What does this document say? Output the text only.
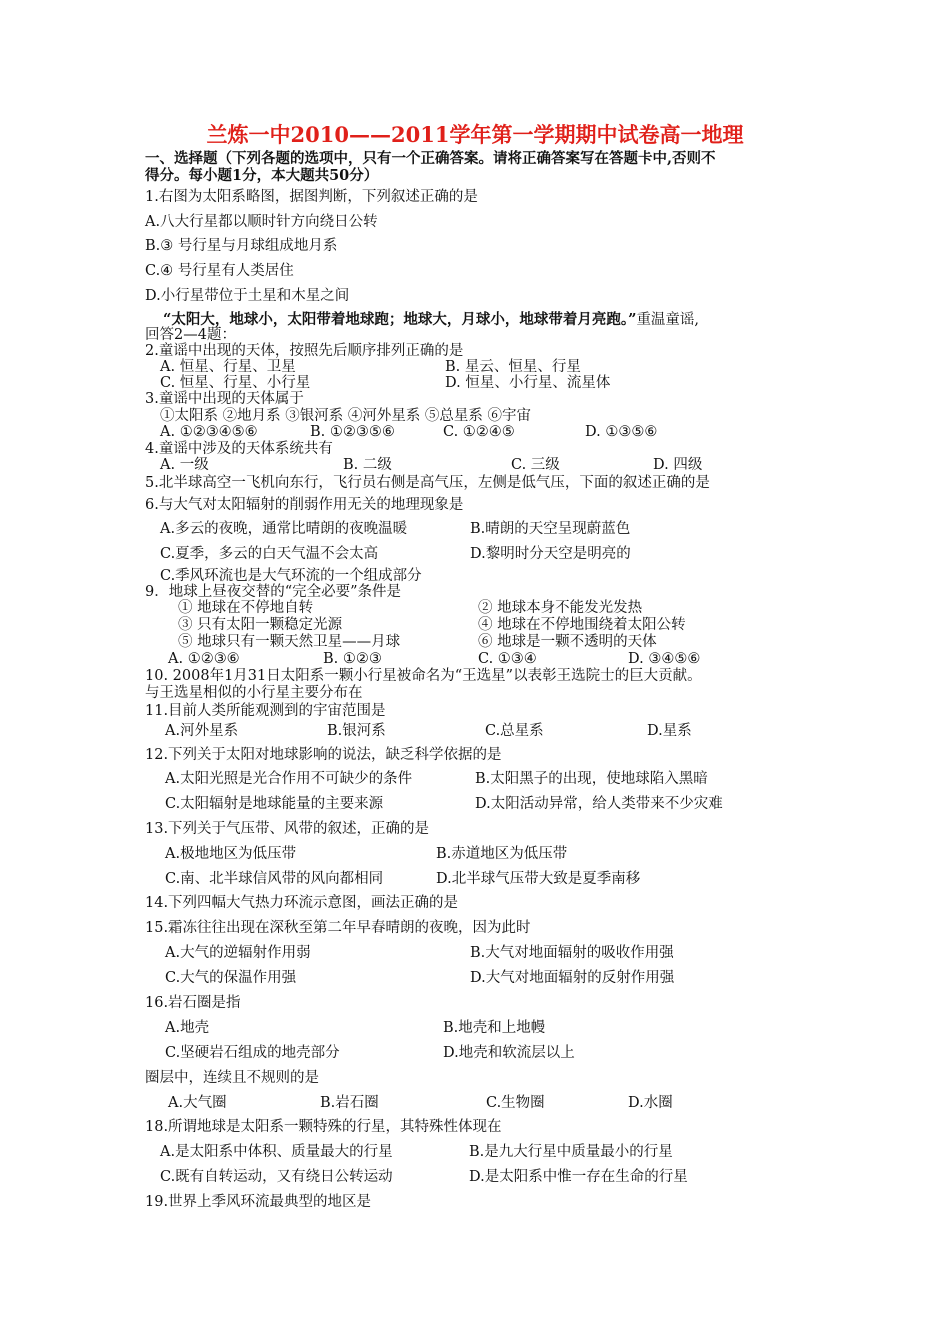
兰炼一中2010——2011学年第一学期期中试卷高一地理
一、选择题（下列各题的选项中，只有一个正确答案。请将正确答案写在答题卡中,否则不
得分。每小题1分，本大题共50分）
1.右图为太阳系略图，据图判断，下列叙述正确的是
A.八大行星都以顺时针方向绕日公转
B.③ 号行星与月球组成地月系
C.④ 号行星有人类居住
D.小行星带位于土星和木星之间
“太阳大，地球小，太阳带着地球跑；地球大，月球小，地球带着月亮跑。”重温童谣,
回答2—4题：
2.童谣中出现的天体，按照先后顺序排列正确的是
A. 恒星、行星、卫星	B. 星云、恒星、行星
C. 恒星、行星、小行星	D. 恒星、小行星、流星体
3.童谣中出现的天体属于
①太阳系 ②地月系 ③银河系 ④河外星系 ⑤总星系 ⑥宇宙
A. ①②③④⑤⑥	B. ①②③⑤⑥	C. ①②④⑤	D. ①③⑤⑥
4.童谣中涉及的天体系统共有
A. 一级	B. 二级	C. 三级	D. 四级
5.北半球高空一飞机向东行，飞行员右侧是高气压，左侧是低气压，下面的叙述正确的是
6.与大气对太阳辐射的削弱作用无关的地理现象是
A.多云的夜晚，通常比晴朗的夜晚温暖	B.晴朗的天空呈现蔚蓝色
C.夏季，多云的白天气温不会太高	D.黎明时分天空是明亮的
C.季风环流也是大气环流的一个组成部分
9．地球上昼夜交替的“完全必要”条件是
① 地球在不停地自转	② 地球本身不能发光发热
③ 只有太阳一颗稳定光源	④ 地球在不停地围绕着太阳公转
⑤ 地球只有一颗天然卫星——月球	⑥ 地球是一颗不透明的天体
A. ①②③⑥	B. ①②③	C. ①③④	D. ③④⑤⑥
10. 2008年1月31日太阳系一颗小行星被命名为“王选星”以表彰王选院士的巨大贡献。
与王选星相似的小行星主要分布在
11.目前人类所能观测到的宇宙范围是
A.河外星系	B.银河系	C.总星系	D.星系
12.下列关于太阳对地球影响的说法，缺乏科学依据的是
A.太阳光照是光合作用不可缺少的条件	B.太阳黑子的出现，使地球陷入黑暗
C.太阳辐射是地球能量的主要来源	D.太阳活动异常，给人类带来不少灾难
13.下列关于气压带、风带的叙述，正确的是
A.极地地区为低压带	B.赤道地区为低压带
C.南、北半球信风带的风向都相同	D.北半球气压带大致是夏季南移
14.下列四幅大气热力环流示意图，画法正确的是
15.霜冻往往出现在深秋至第二年早春晴朗的夜晚，因为此时
A.大气的逆辐射作用弱	B.大气对地面辐射的吸收作用强
C.大气的保温作用强	D.大气对地面辐射的反射作用强
16.岩石圈是指
A.地壳	B.地壳和上地幔
C.坚硬岩石组成的地壳部分	D.地壳和软流层以上
圈层中，连续且不规则的是
A.大气圈	B.岩石圈	C.生物圈	D.水圈
18.所谓地球是太阳系一颗特殊的行星，其特殊性体现在
A.是太阳系中体积、质量最大的行星	B.是九大行星中质量最小的行星
C.既有自转运动，又有绕日公转运动	D.是太阳系中惟一存在生命的行星
19.世界上季风环流最典型的地区是
